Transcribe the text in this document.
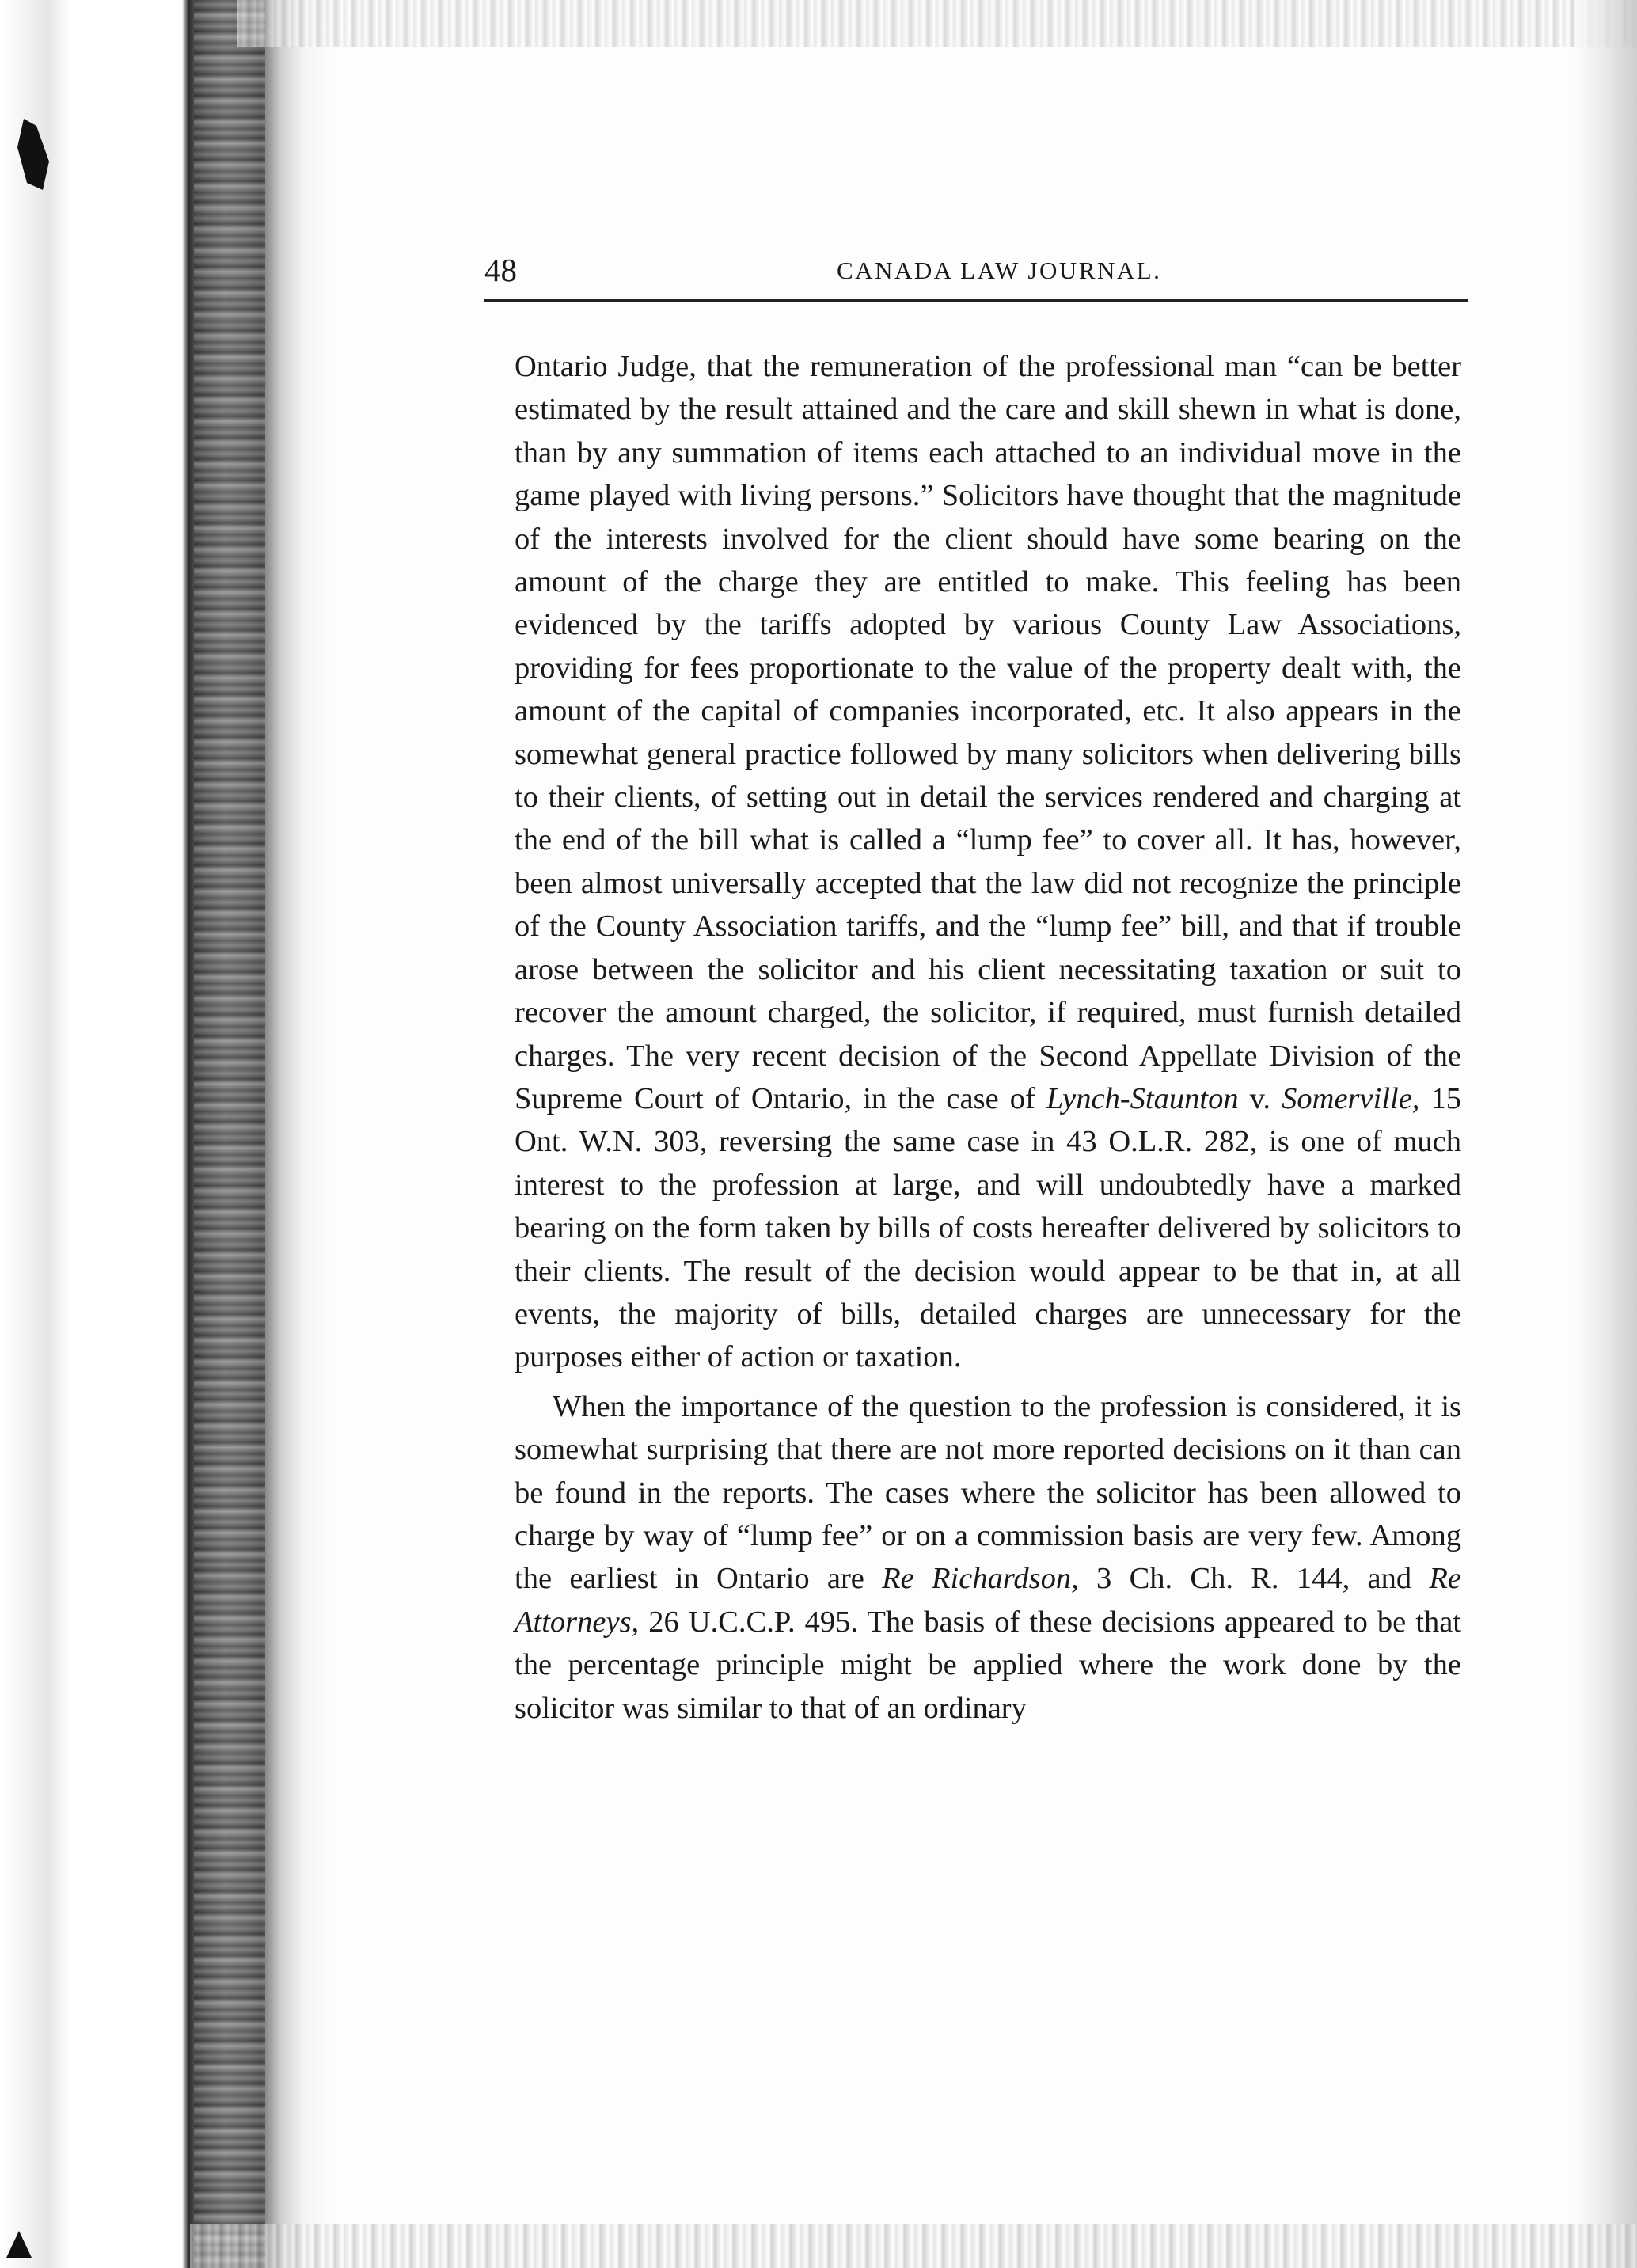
48	CANADA LAW JOURNAL.

Ontario Judge, that the remuneration of the professional man “can be better estimated by the result attained and the care and skill shewn in what is done, than by any summation of items each attached to an individual move in the game played with living persons.” Solicitors have thought that the magnitude of the interests involved for the client should have some bearing on the amount of the charge they are entitled to make. This feeling has been evidenced by the tariffs adopted by various County Law Associations, providing for fees proportionate to the value of the property dealt with, the amount of the capital of companies incorporated, etc. It also appears in the somewhat general practice followed by many solicitors when delivering bills to their clients, of setting out in detail the services rendered and charging at the end of the bill what is called a “lump fee” to cover all. It has, however, been almost universally accepted that the law did not recognize the principle of the County Association tariffs, and the “lump fee” bill, and that if trouble arose between the solicitor and his client necessitating taxation or suit to recover the amount charged, the solicitor, if required, must furnish detailed charges. The very recent decision of the Second Appellate Division of the Supreme Court of Ontario, in the case of Lynch-Staunton v. Somerville, 15 Ont. W.N. 303, reversing the same case in 43 O.L.R. 282, is one of much interest to the profession at large, and will undoubtedly have a marked bearing on the form taken by bills of costs hereafter delivered by solicitors to their clients. The result of the decision would appear to be that in, at all events, the majority of bills, detailed charges are unnecessary for the purposes either of action or taxation.

When the importance of the question to the profession is considered, it is somewhat surprising that there are not more reported decisions on it than can be found in the reports. The cases where the solicitor has been allowed to charge by way of “lump fee” or on a commission basis are very few. Among the earliest in Ontario are Re Richardson, 3 Ch. Ch. R. 144, and Re Attorneys, 26 U.C.C.P. 495. The basis of these decisions appeared to be that the percentage principle might be applied where the work done by the solicitor was similar to that of an ordinary
